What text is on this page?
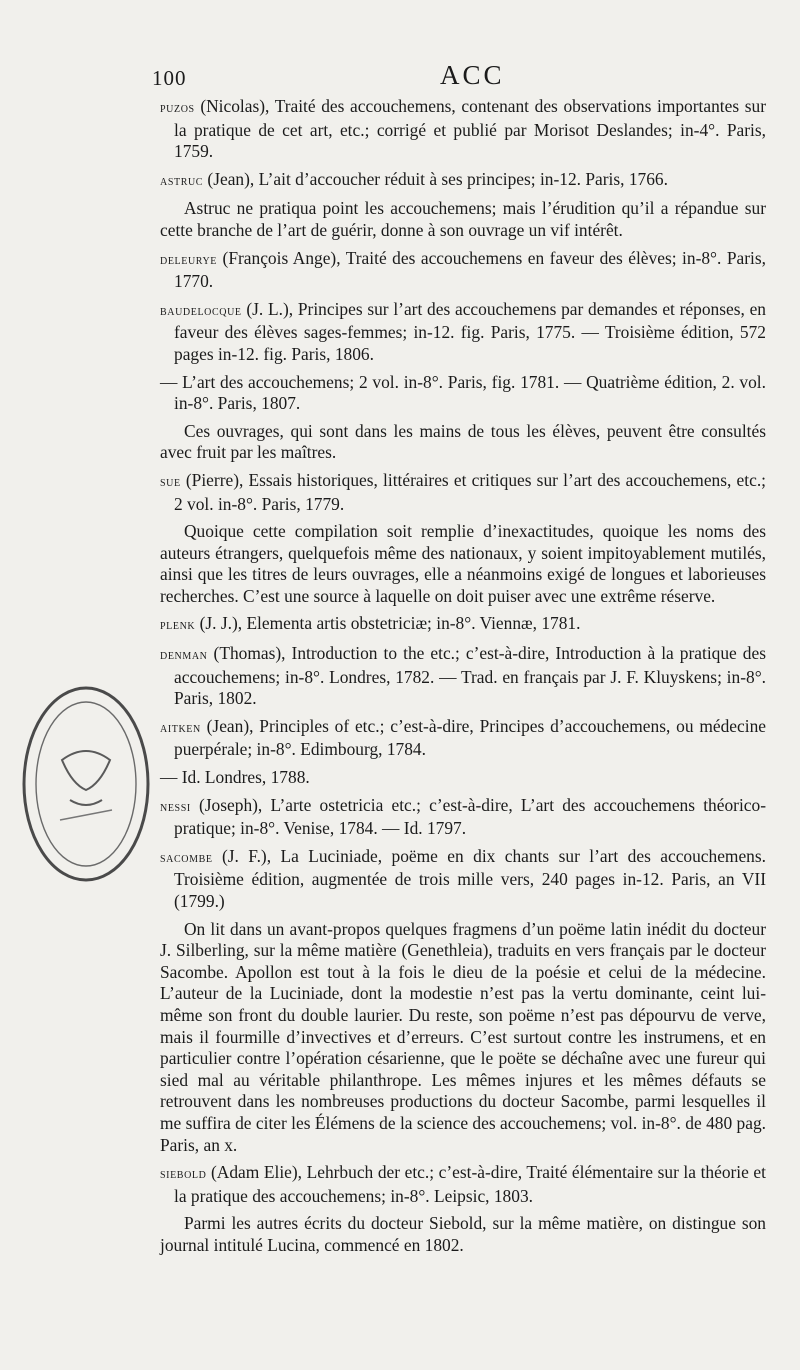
100	ACC

puzos (Nicolas), Traité des accouchemens, contenant des observations importantes sur la pratique de cet art, etc.; corrigé et publié par Morisot Deslandes; in-4°. Paris, 1759.

astruc (Jean), L’ait d’accoucher réduit à ses principes; in-12. Paris, 1766.

Astruc ne pratiqua point les accouchemens; mais l’érudition qu’il a répandue sur cette branche de l’art de guérir, donne à son ouvrage un vif intérêt.

deleurye (François Ange), Traité des accouchemens en faveur des élèves; in-8°. Paris, 1770.

baudelocque (J. L.), Principes sur l’art des accouchemens par demandes et réponses, en faveur des élèves sages-femmes; in-12. fig. Paris, 1775. — Troisième édition, 572 pages in-12. fig. Paris, 1806.

— L’art des accouchemens; 2 vol. in-8°. Paris, fig. 1781. — Quatrième édition, 2. vol. in-8°. Paris, 1807.

Ces ouvrages, qui sont dans les mains de tous les élèves, peuvent être consultés avec fruit par les maîtres.

sue (Pierre), Essais historiques, littéraires et critiques sur l’art des accouchemens, etc.; 2 vol. in-8°. Paris, 1779.

Quoique cette compilation soit remplie d’inexactitudes, quoique les noms des auteurs étrangers, quelquefois même des nationaux, y soient impitoyablement mutilés, ainsi que les titres de leurs ouvrages, elle a néanmoins exigé de longues et laborieuses recherches. C’est une source à laquelle on doit puiser avec une extrême réserve.

plenk (J. J.), Elementa artis obstetriciæ; in-8°. Viennæ, 1781.

denman (Thomas), Introduction to the etc.; c’est-à-dire, Introduction à la pratique des accouchemens; in-8°. Londres, 1782. — Trad. en français par J. F. Kluyskens; in-8°. Paris, 1802.

aitken (Jean), Principles of etc.; c’est-à-dire, Principes d’accouchemens, ou médecine puerpérale; in-8°. Edimbourg, 1784.

— Id. Londres, 1788.

nessi (Joseph), L’arte ostetricia etc.; c’est-à-dire, L’art des accouchemens théorico-pratique; in-8°. Venise, 1784. — Id. 1797.

sacombe (J. F.), La Luciniade, poëme en dix chants sur l’art des accouchemens. Troisième édition, augmentée de trois mille vers, 240 pages in-12. Paris, an VII (1799.)

On lit dans un avant-propos quelques fragmens d’un poëme latin inédit du docteur J. Silberling, sur la même matière (Genethleia), traduits en vers français par le docteur Sacombe. Apollon est tout à la fois le dieu de la poésie et celui de la médecine. L’auteur de la Luciniade, dont la modestie n’est pas la vertu dominante, ceint lui-même son front du double laurier. Du reste, son poëme n’est pas dépourvu de verve, mais il fourmille d’invectives et d’erreurs. C’est surtout contre les instrumens, et en particulier contre l’opération césarienne, que le poëte se déchaîne avec une fureur qui sied mal au véritable philanthrope. Les mêmes injures et les mêmes défauts se retrouvent dans les nombreuses productions du docteur Sacombe, parmi lesquelles il me suffira de citer les Élémens de la science des accouchemens; vol. in-8°. de 480 pag. Paris, an x.

siebold (Adam Elie), Lehrbuch der etc.; c’est-à-dire, Traité élémentaire sur la théorie et la pratique des accouchemens; in-8°. Leipsic, 1803.

Parmi les autres écrits du docteur Siebold, sur la même matière, on distingue son journal intitulé Lucina, commencé en 1802.
